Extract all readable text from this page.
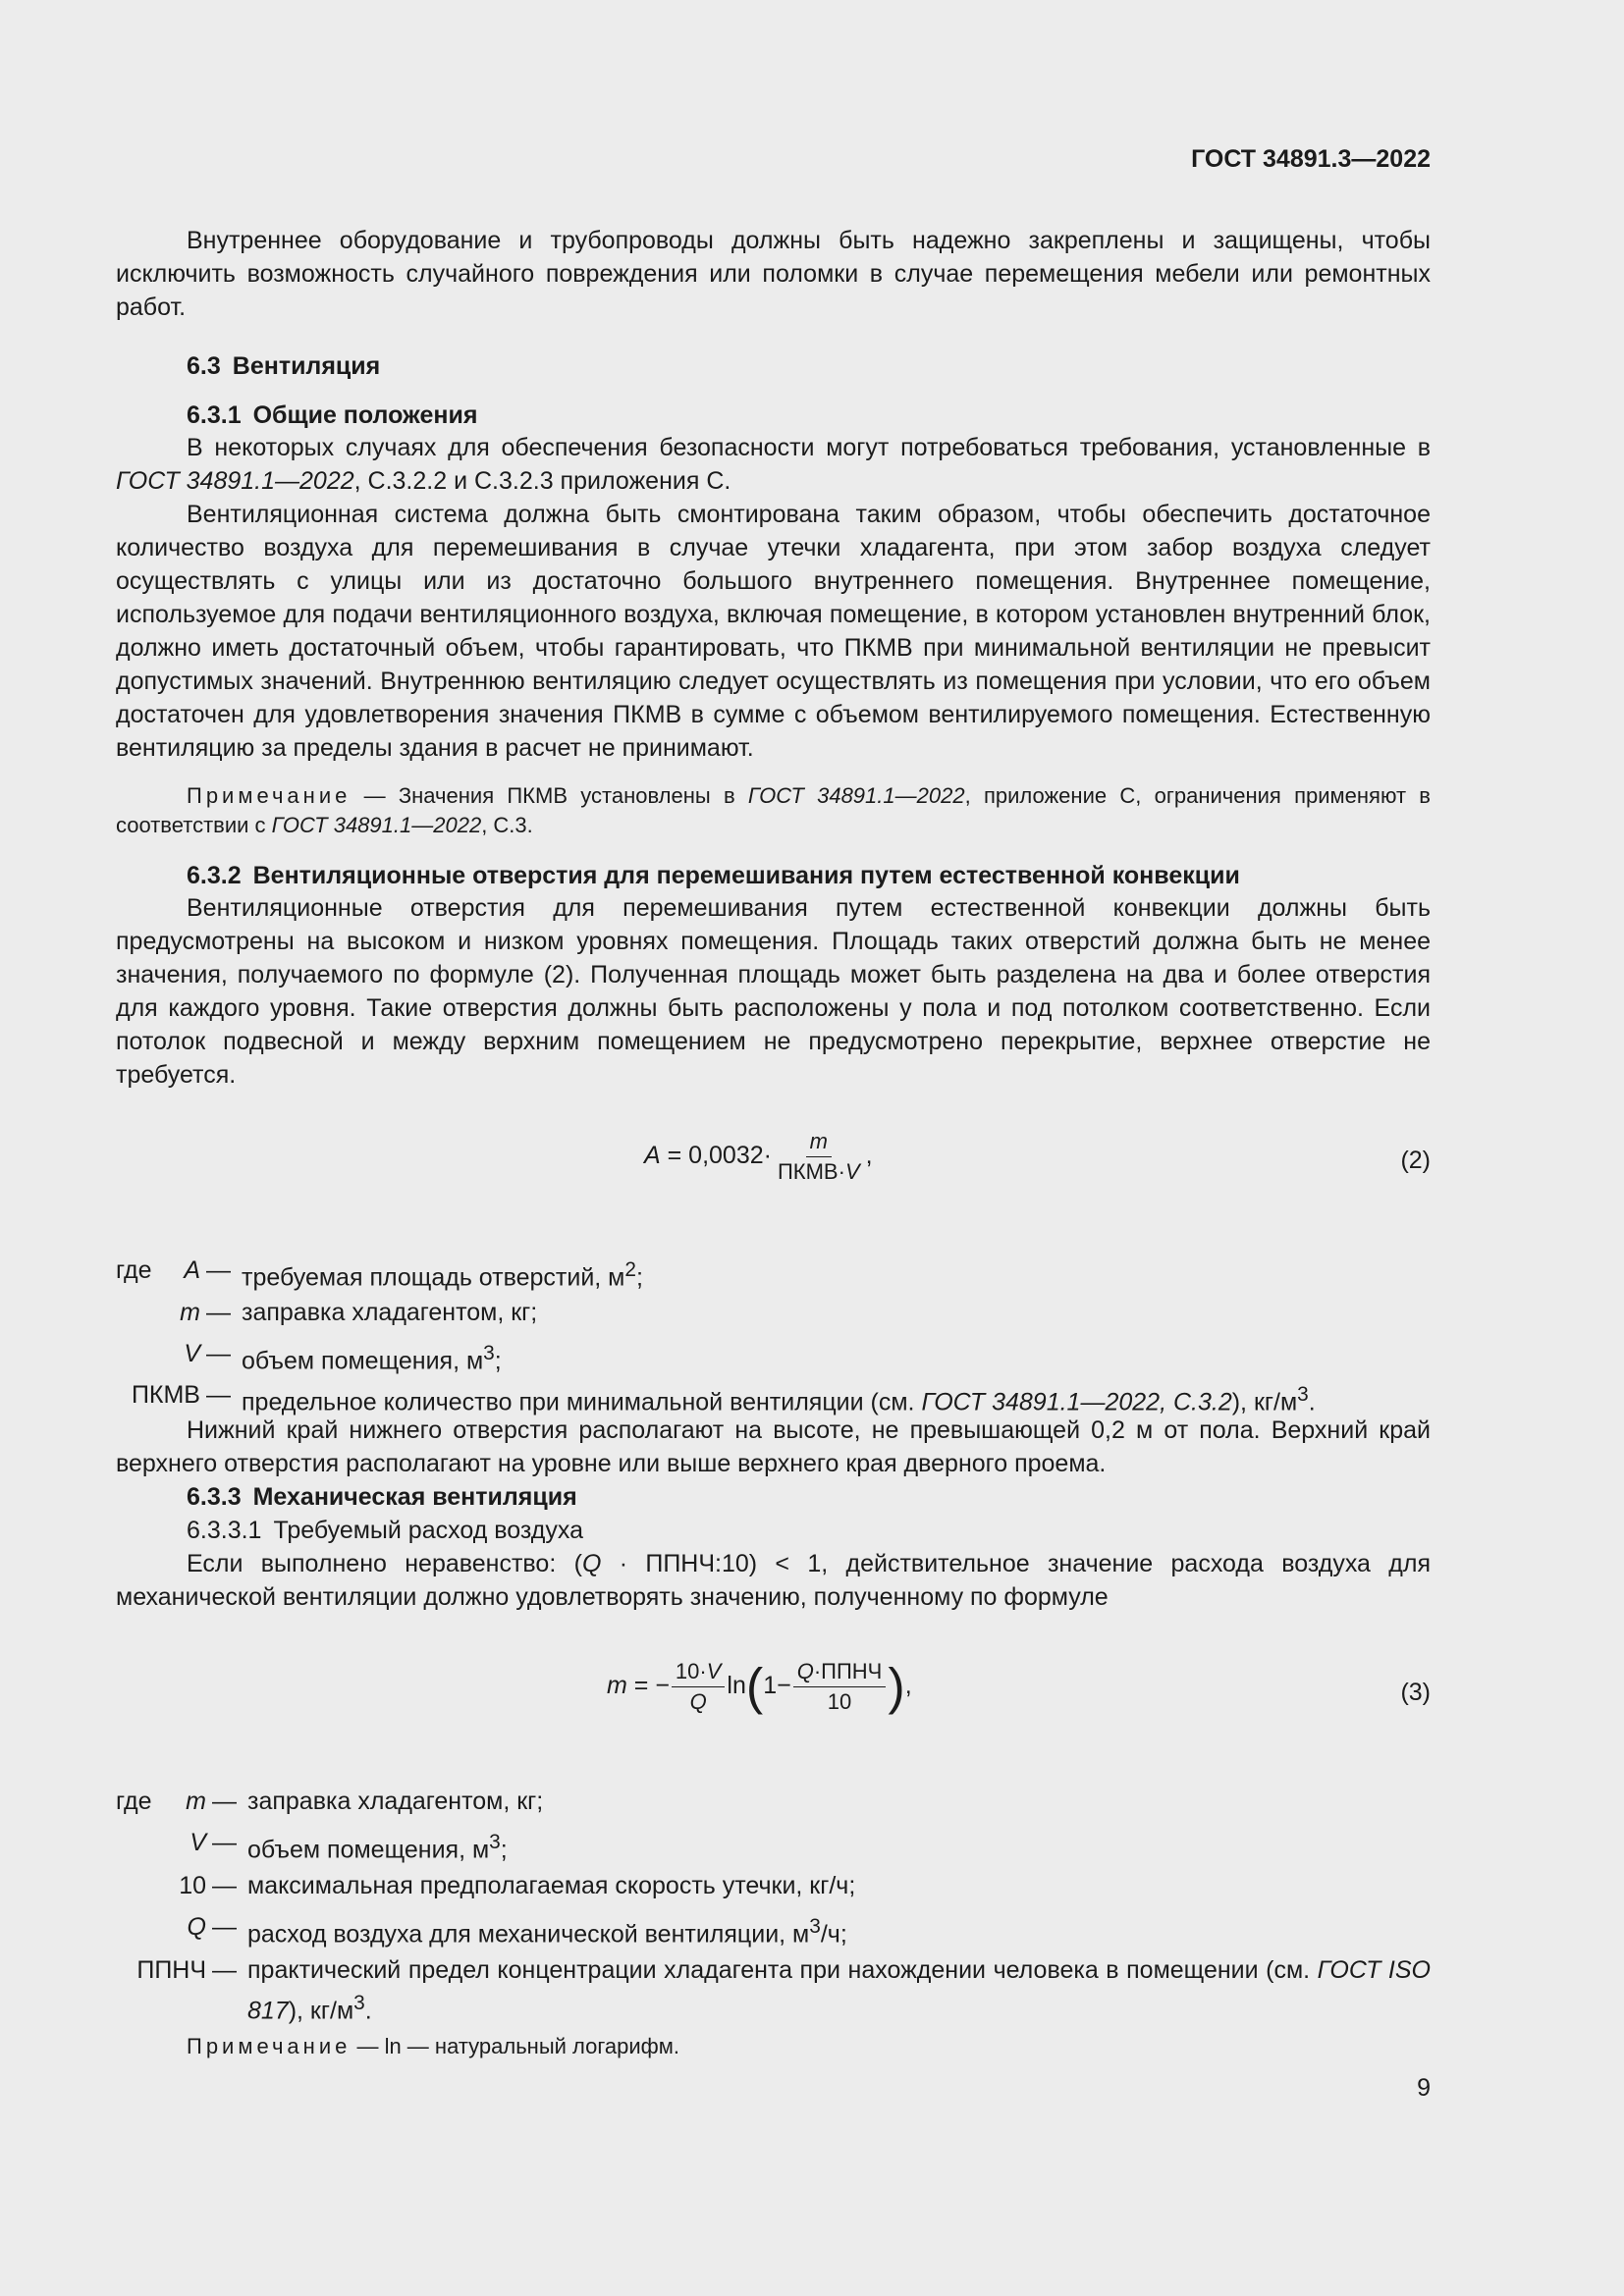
ГОСТ 34891.3—2022
Внутреннее оборудование и трубопроводы должны быть надежно закреплены и защищены, чтобы исключить возможность случайного повреждения или поломки в случае перемещения мебели или ремонтных работ.
6.3 Вентиляция
6.3.1 Общие положения
В некоторых случаях для обеспечения безопасности могут потребоваться требования, установленные в ГОСТ 34891.1—2022, С.3.2.2 и С.3.2.3 приложения С.
Вентиляционная система должна быть смонтирована таким образом, чтобы обеспечить достаточное количество воздуха для перемешивания в случае утечки хладагента, при этом забор воздуха следует осуществлять с улицы или из достаточно большого внутреннего помещения. Внутреннее помещение, используемое для подачи вентиляционного воздуха, включая помещение, в котором установлен внутренний блок, должно иметь достаточный объем, чтобы гарантировать, что ПКМВ при минимальной вентиляции не превысит допустимых значений. Внутреннюю вентиляцию следует осуществлять из помещения при условии, что его объем достаточен для удовлетворения значения ПКМВ в сумме с объемом вентилируемого помещения. Естественную вентиляцию за пределы здания в расчет не принимают.
Примечание — Значения ПКМВ установлены в ГОСТ 34891.1—2022, приложение С, ограничения применяют в соответствии с ГОСТ 34891.1—2022, С.3.
6.3.2 Вентиляционные отверстия для перемешивания путем естественной конвекции
Вентиляционные отверстия для перемешивания путем естественной конвекции должны быть предусмотрены на высоком и низком уровнях помещения. Площадь таких отверстий должна быть не менее значения, получаемого по формуле (2). Полученная площадь может быть разделена на два и более отверстия для каждого уровня. Такие отверстия должны быть расположены у пола и под потолком соответственно. Если потолок подвесной и между верхним помещением не предусмотрено перекрытие, верхнее отверстие не требуется.
$A = 0,0032\cdot \frac{m}{\text{ПКМВ·V}}$ ,	(2)
где	A — требуемая площадь отверстий, $м^2$;
m — заправка хладагентом, кг;
V — объем помещения, $м^3$;
ПКМВ — предельное количество при минимальной вентиляции (см. ГОСТ 34891.1—2022, С.3.2), $кг/м^3$.
Нижний край нижнего отверстия располагают на высоте, не превышающей 0,2 м от пола. Верхний край верхнего отверстия располагают на уровне или выше верхнего края дверного проема.
6.3.3 Механическая вентиляция
6.3.3.1 Требуемый расход воздуха
Если выполнено неравенство: (Q · ППНЧ:10) < 1, действительное значение расхода воздуха для механической вентиляции должно удовлетворять значению, полученному по формуле
m = − $\frac{10\cdot V}{Q} \ln(1- \frac{\text{Q·ППНЧ}}{10}$ ),	(3)
где	m — заправка хладагентом, кг;
V — объем помещения, $м^3$;
10 — максимальная предполагаемая скорость утечки, кг/ч;
Q — расход воздуха для механической вентиляции, $м^3/ч$;
ППНЧ — практический предел концентрации хладагента при нахождении человека в помещении (см. ГОСТ ISO 817), $кг/м^3$.
Примечание — ln — натуральный логарифм.
9
